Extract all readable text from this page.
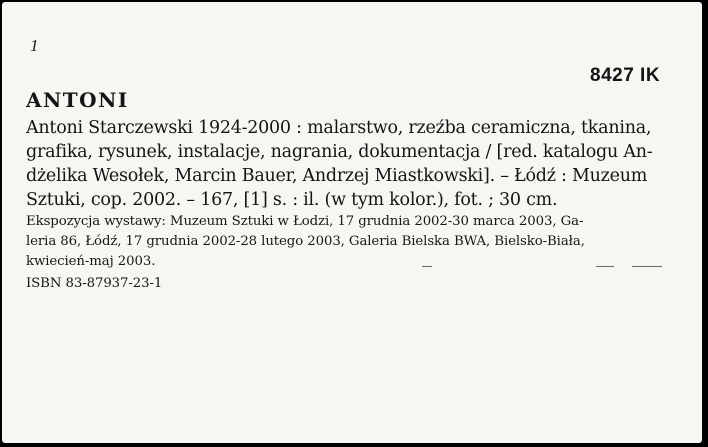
1
8427 IK
ANTONI
Antoni Starczewski 1924-2000 : malarstwo, rzeźba ceramiczna, tkanina,
grafika, rysunek, instalacje, nagrania, dokumentacja / [red. katalogu An-
dżelika Wesołek, Marcin Bauer, Andrzej Miastkowski]. – Łódź : Muzeum
Sztuki, cop. 2002. – 167, [1] s. : il. (w tym kolor.), fot. ; 30 cm.
Ekspozycja wystawy: Muzeum Sztuki w Łodzi, 17 grudnia 2002-30 marca 2003, Ga-
leria 86, Łódź, 17 grudnia 2002-28 lutego 2003, Galeria Bielska BWA, Bielsko-Biała,
kwiecień-maj 2003.
ISBN 83-87937-23-1
